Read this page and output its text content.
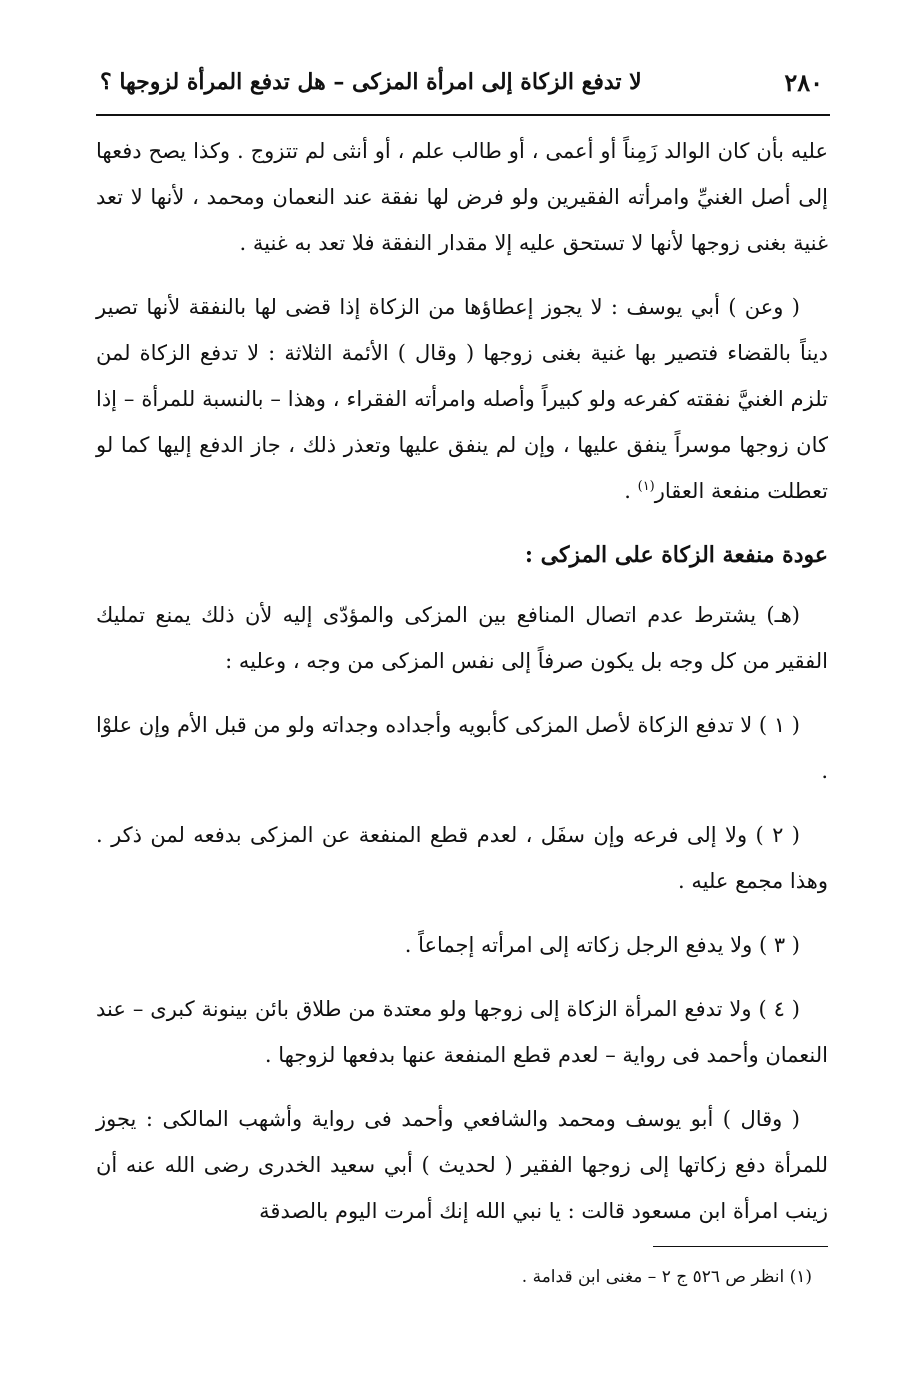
٢٨٠
لا تدفع الزكاة إلى امرأة المزكى – هل تدفع المرأة لزوجها ؟

عليه بأن كان الوالد زَمِناً أو أعمى ، أو طالب علم ، أو أنثى لم تتزوج . وكذا يصح دفعها إلى أصل الغنيِّ وامرأته الفقيرين ولو فرض لها نفقة عند النعمان ومحمد ، لأنها لا تعد غنية بغنى زوجها لأنها لا تستحق عليه إلا مقدار النفقة فلا تعد به غنية .

( وعن ) أبي يوسف : لا يجوز إعطاؤها من الزكاة إذا قضى لها بالنفقة لأنها تصير ديناً بالقضاء فتصير بها غنية بغنى زوجها ( وقال ) الأئمة الثلاثة : لا تدفع الزكاة لمن تلزم الغنيَّ نفقته كفرعه ولو كبيراً وأصله وامرأته الفقراء ، وهذا – بالنسبة للمرأة – إذا كان زوجها موسراً ينفق عليها ، وإن لم ينفق عليها وتعذر ذلك ، جاز الدفع إليها كما لو تعطلت منفعة العقار$^{(١)}$ .

عودة منفعة الزكاة على المزكى :

(هـ) يشترط عدم اتصال المنافع بين المزكى والمؤدّى إليه لأن ذلك يمنع تمليك الفقير من كل وجه بل يكون صرفاً إلى نفس المزكى من وجه ، وعليه :

( ١ ) لا تدفع الزكاة لأصل المزكى كأبويه وأجداده وجداته ولو من قبل الأم وإن علوْا .

( ٢ ) ولا إلى فرعه وإن سفَل ، لعدم قطع المنفعة عن المزكى بدفعه لمن ذكر . وهذا مجمع عليه .

( ٣ ) ولا يدفع الرجل زكاته إلى امرأته إجماعاً .

( ٤ ) ولا تدفع المرأة الزكاة إلى زوجها ولو معتدة من طلاق بائن بينونة كبرى – عند النعمان وأحمد فى رواية – لعدم قطع المنفعة عنها بدفعها لزوجها .

( وقال ) أبو يوسف ومحمد والشافعي وأحمد فى رواية وأشهب المالكى : يجوز للمرأة دفع زكاتها إلى زوجها الفقير ( لحديث ) أبي سعيد الخدرى رضى الله عنه أن زينب امرأة ابن مسعود قالت : يا نبي الله إنك أمرت اليوم بالصدقة

(١) انظر ص ٥٢٦ ج ٢ – مغنى ابن قدامة .
